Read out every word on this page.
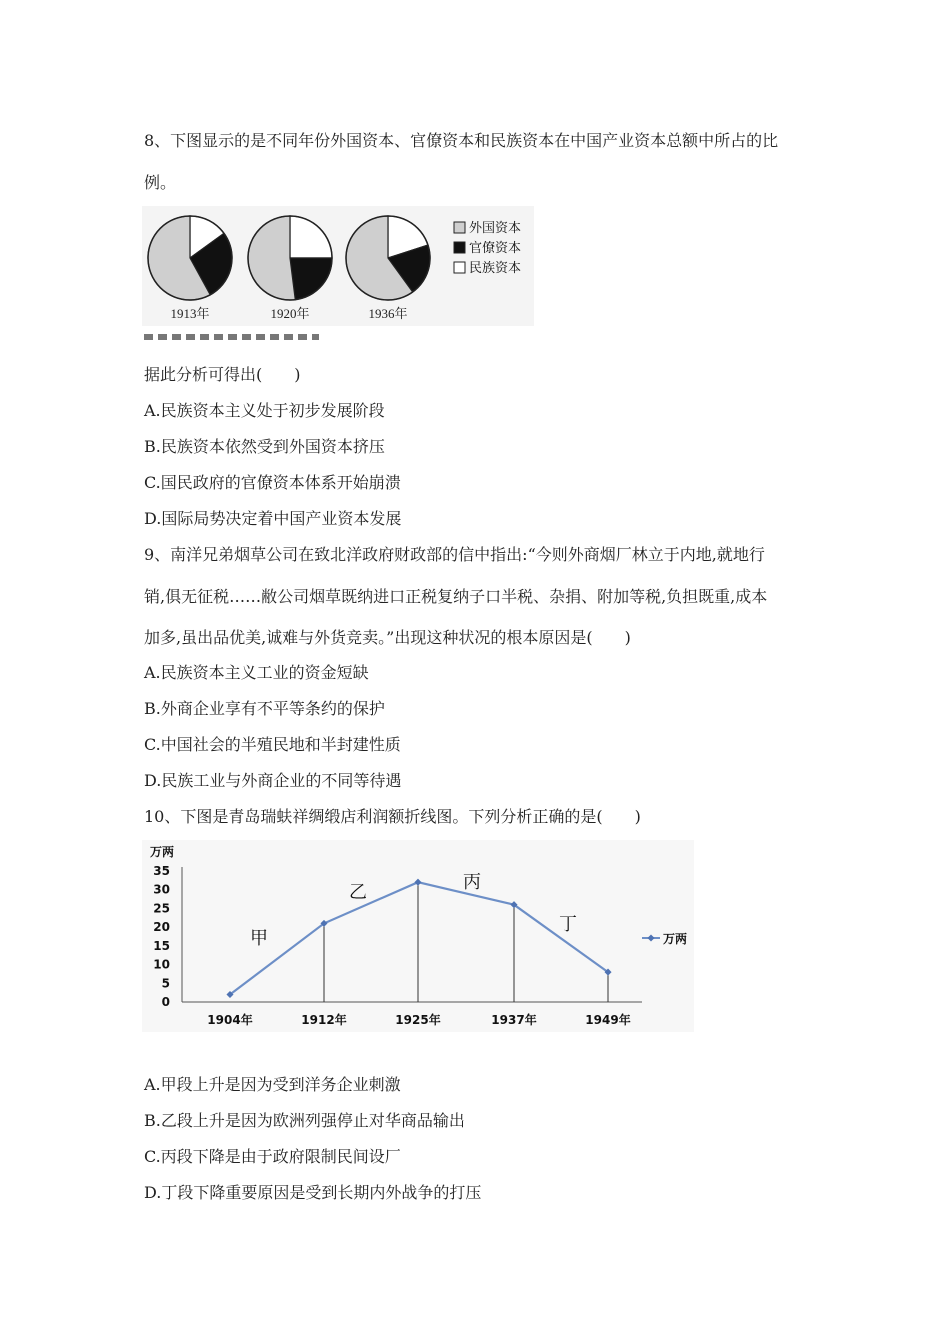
8、下图显示的是不同年份外国资本、官僚资本和民族资本在中国产业资本总额中所占的比
例。
1913年	1920年	1936年
外国资本
官僚资本
民族资本
据此分析可得出(　　)
A.民族资本主义处于初步发展阶段
B.民族资本依然受到外国资本挤压
C.国民政府的官僚资本体系开始崩溃
D.国际局势决定着中国产业资本发展
9、南洋兄弟烟草公司在致北洋政府财政部的信中指出:“今则外商烟厂林立于内地,就地行
销,俱无征税……敝公司烟草既纳进口正税复纳子口半税、杂捐、附加等税,负担既重,成本
加多,虽出品优美,诚难与外货竞卖。”出现这种状况的根本原因是(　　)
A.民族资本主义工业的资金短缺
B.外商企业享有不平等条约的保护
C.中国社会的半殖民地和半封建性质
D.民族工业与外商企业的不同等待遇
10、下图是青岛瑞蚨祥绸缎店利润额折线图。下列分析正确的是(　　)
万两
0
5
10
15
20
25
30
35
1904年	1912年	1925年	1937年	1949年
甲
乙	丙
丁
万两
A.甲段上升是因为受到洋务企业刺激
B.乙段上升是因为欧洲列强停止对华商品输出
C.丙段下降是由于政府限制民间设厂
D.丁段下降重要原因是受到长期内外战争的打压
